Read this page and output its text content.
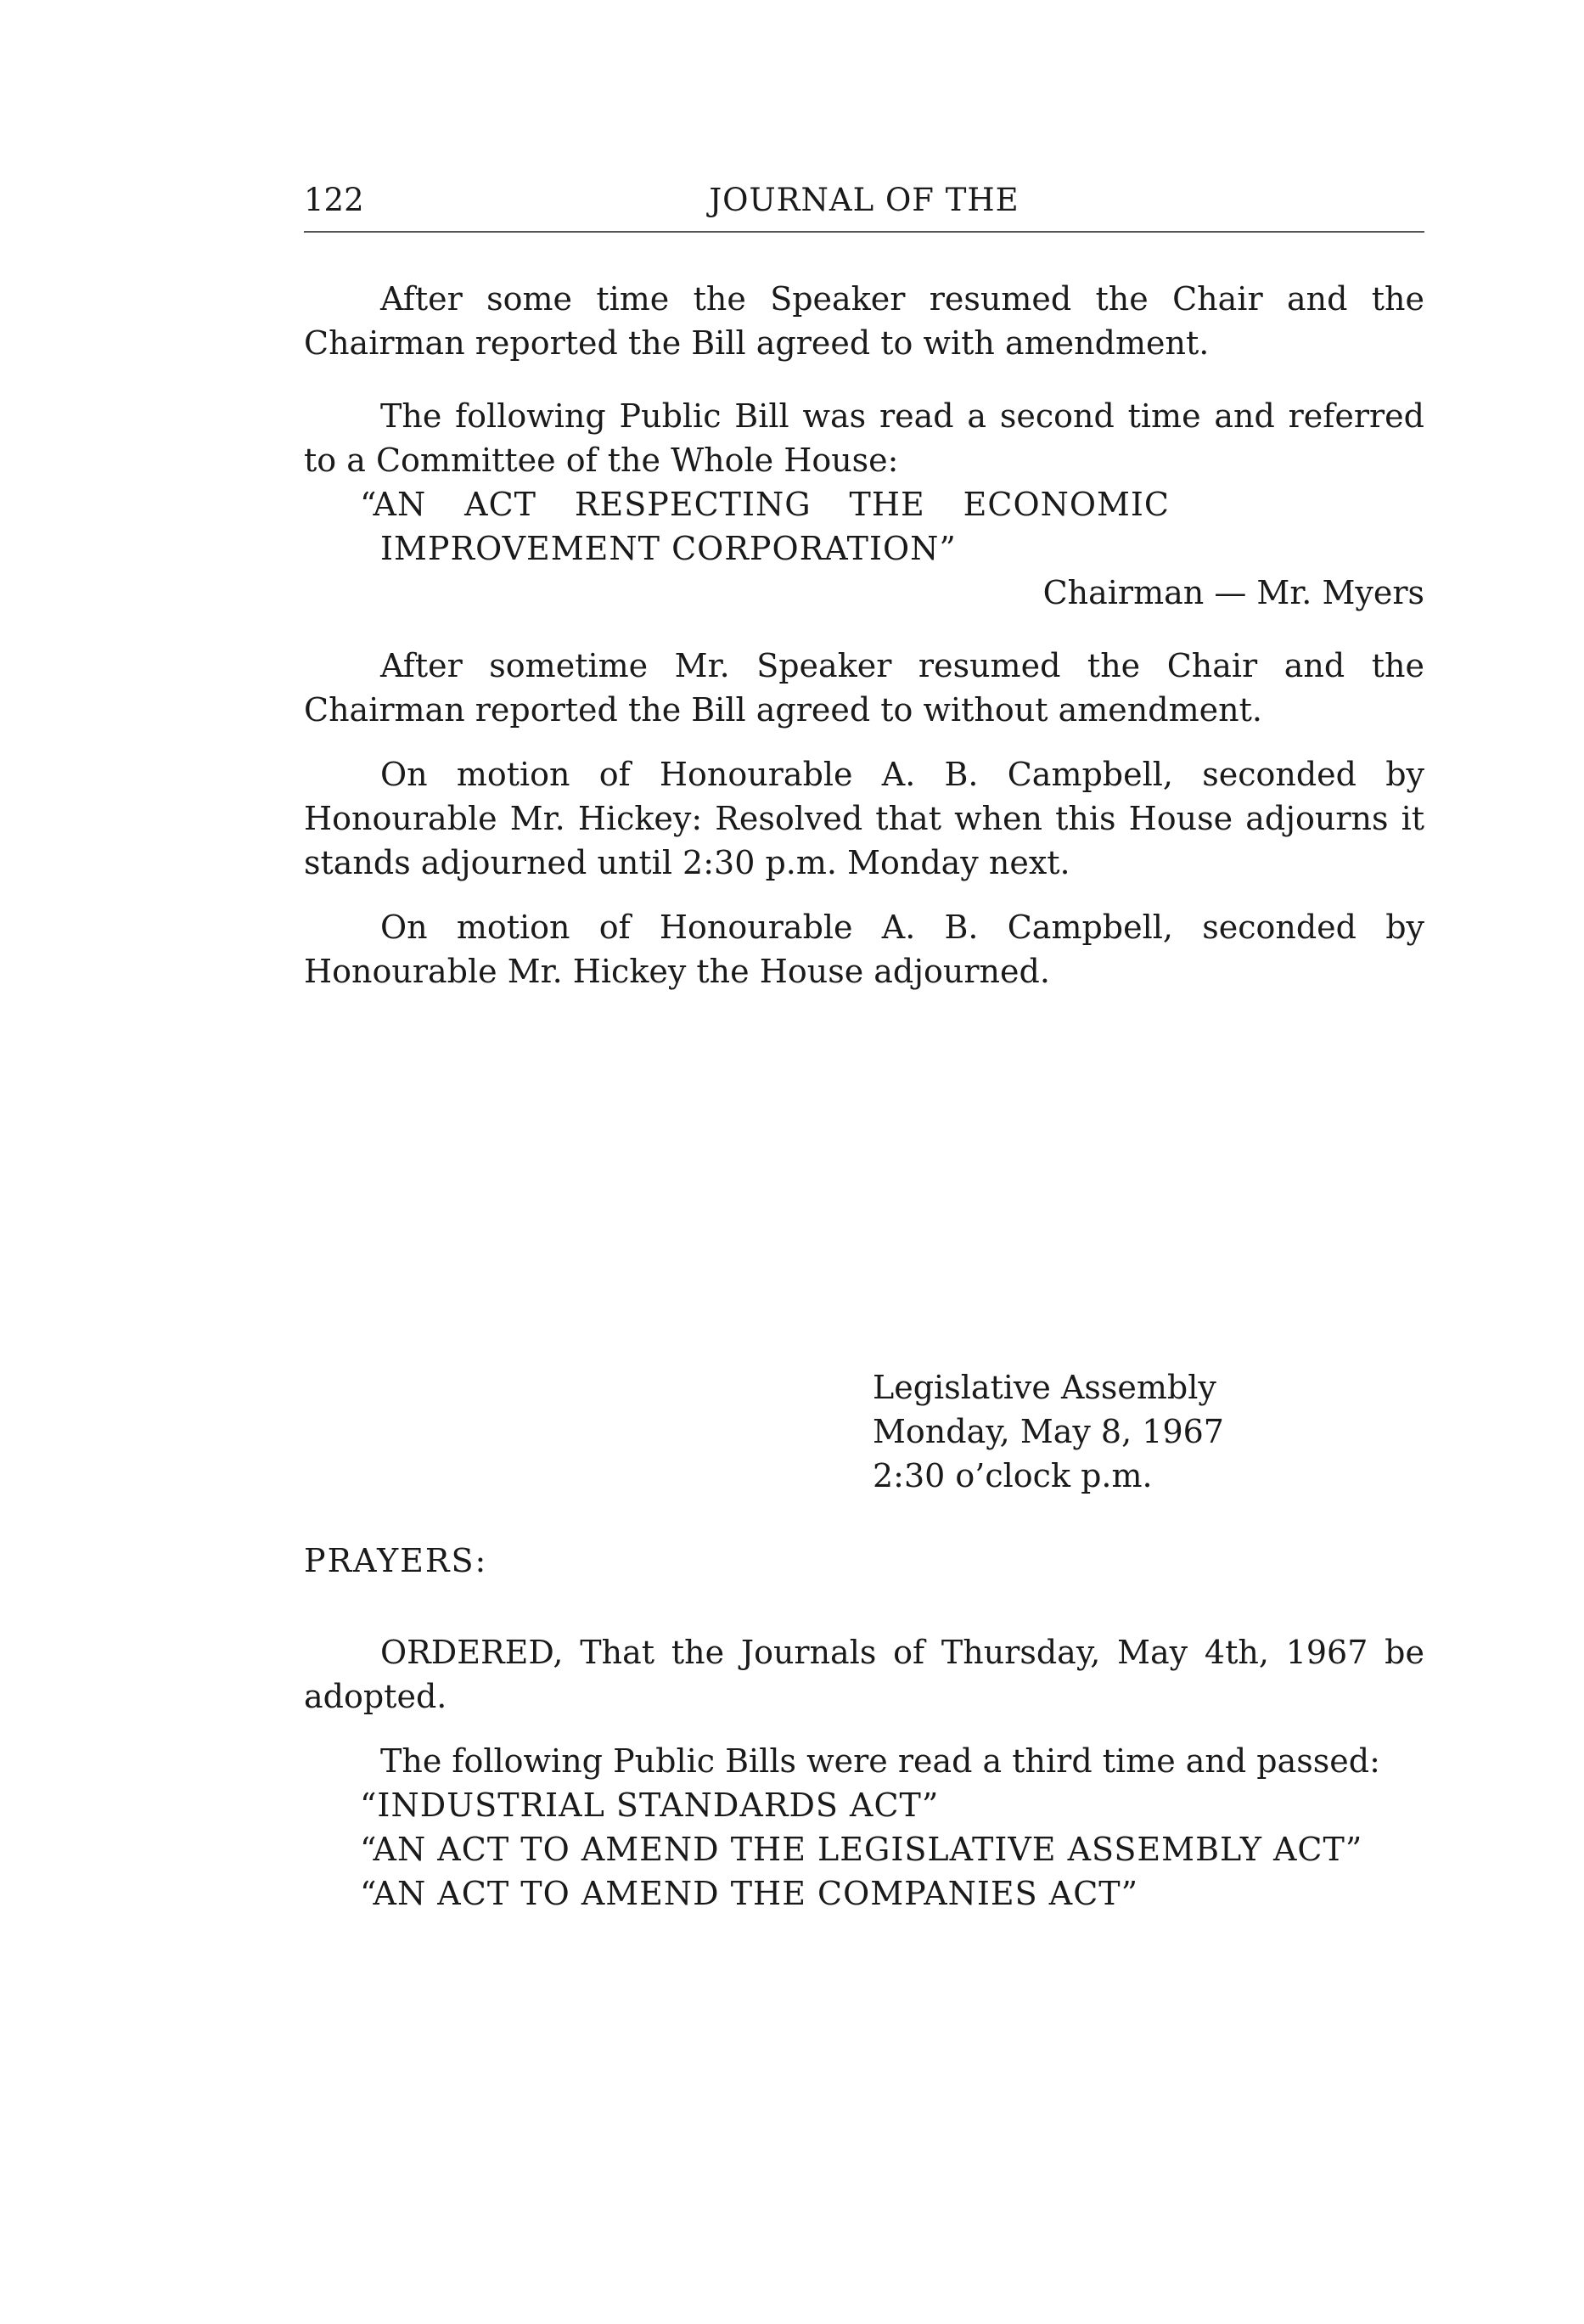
122	JOURNAL OF THE

After some time the Speaker resumed the Chair and the Chairman reported the Bill agreed to with amendment.

The following Public Bill was read a second time and referred to a Committee of the Whole House:

“AN ACT RESPECTING THE ECONOMIC IMPROVEMENT CORPORATION”

Chairman — Mr. Myers

After sometime Mr. Speaker resumed the Chair and the Chairman reported the Bill agreed to without amendment.

On motion of Honourable A. B. Campbell, seconded by Honourable Mr. Hickey: Resolved that when this House adjourns it stands adjourned until 2:30 p.m. Monday next.

On motion of Honourable A. B. Campbell, seconded by Honourable Mr. Hickey the House adjourned.

Legislative Assembly
Monday, May 8, 1967
2:30 o’clock p.m.

PRAYERS:

ORDERED, That the Journals of Thursday, May 4th, 1967 be adopted.

The following Public Bills were read a third time and passed:

“INDUSTRIAL STANDARDS ACT”

“AN ACT TO AMEND THE LEGISLATIVE ASSEMBLY ACT”

“AN ACT TO AMEND THE COMPANIES ACT”
